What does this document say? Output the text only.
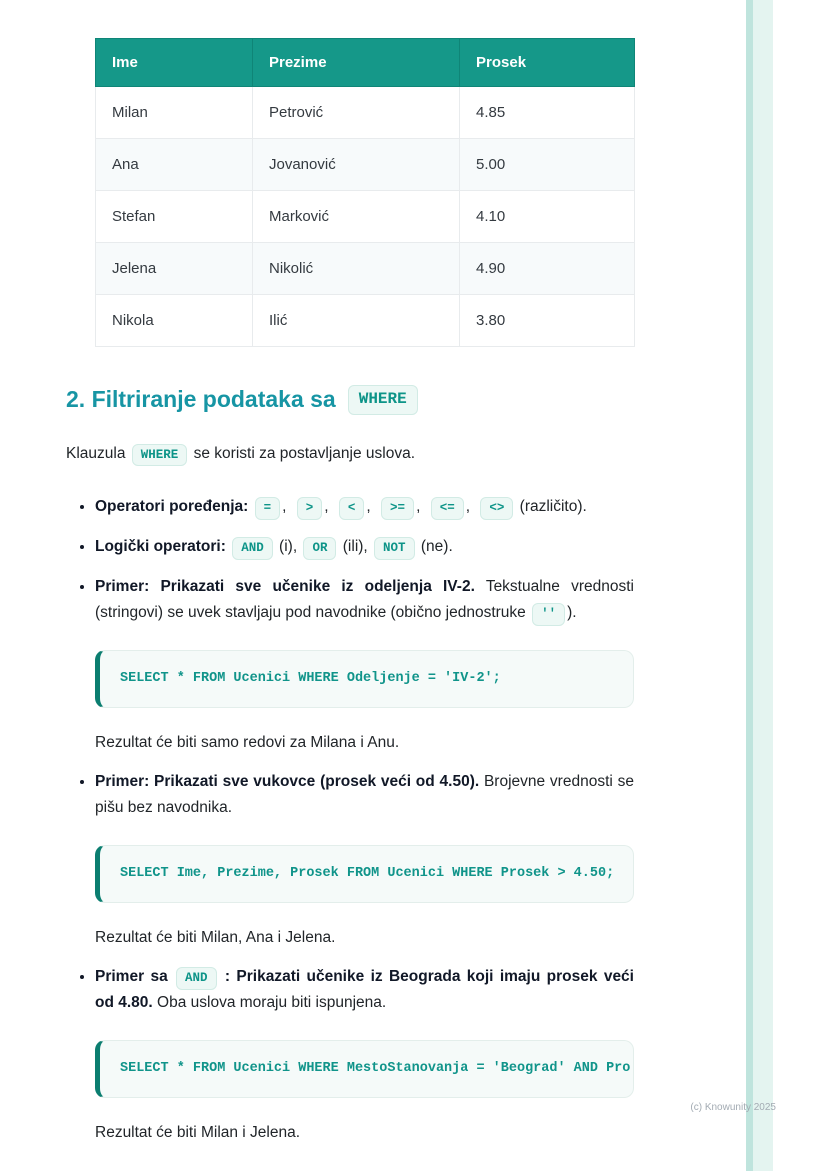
Ime	Prezime	Prosek
Milan	Petrović	4.85
Ana	Jovanović	5.00
Stefan	Marković	4.10
Jelena	Nikolić	4.90
Nikola	Ilić	3.80
2. Filtriranje podataka sa	WHERE

Klauzula WHERE se koristi za postavljanje uslova.

• Operatori poređenja: = , > , < , >= , <= , <> (različito).

• Logički operatori: AND (i), OR (ili), NOT (ne).

• Primer: Prikazati sve učenike iz odeljenja IV-2. Tekstualne vrednosti (stringovi) se uvek stavljaju pod navodnike (obično jednostruke '' ).

SELECT * FROM Ucenici WHERE Odeljenje = 'IV-2';

Rezultat će biti samo redovi za Milana i Anu.

• Primer: Prikazati sve vukovce (prosek veći od 4.50). Brojevne vrednosti se pišu bez navodnika.

SELECT Ime, Prezime, Prosek FROM Ucenici WHERE Prosek > 4.50;

Rezultat će biti Milan, Ana i Jelena.

• Primer sa AND : Prikazati učenike iz Beograda koji imaju prosek veći od 4.80. Oba uslova moraju biti ispunjena.

SELECT * FROM Ucenici WHERE MestoStanovanja = 'Beograd' AND Pro

Rezultat će biti Milan i Jelena.

(c) Knowunity 2025
